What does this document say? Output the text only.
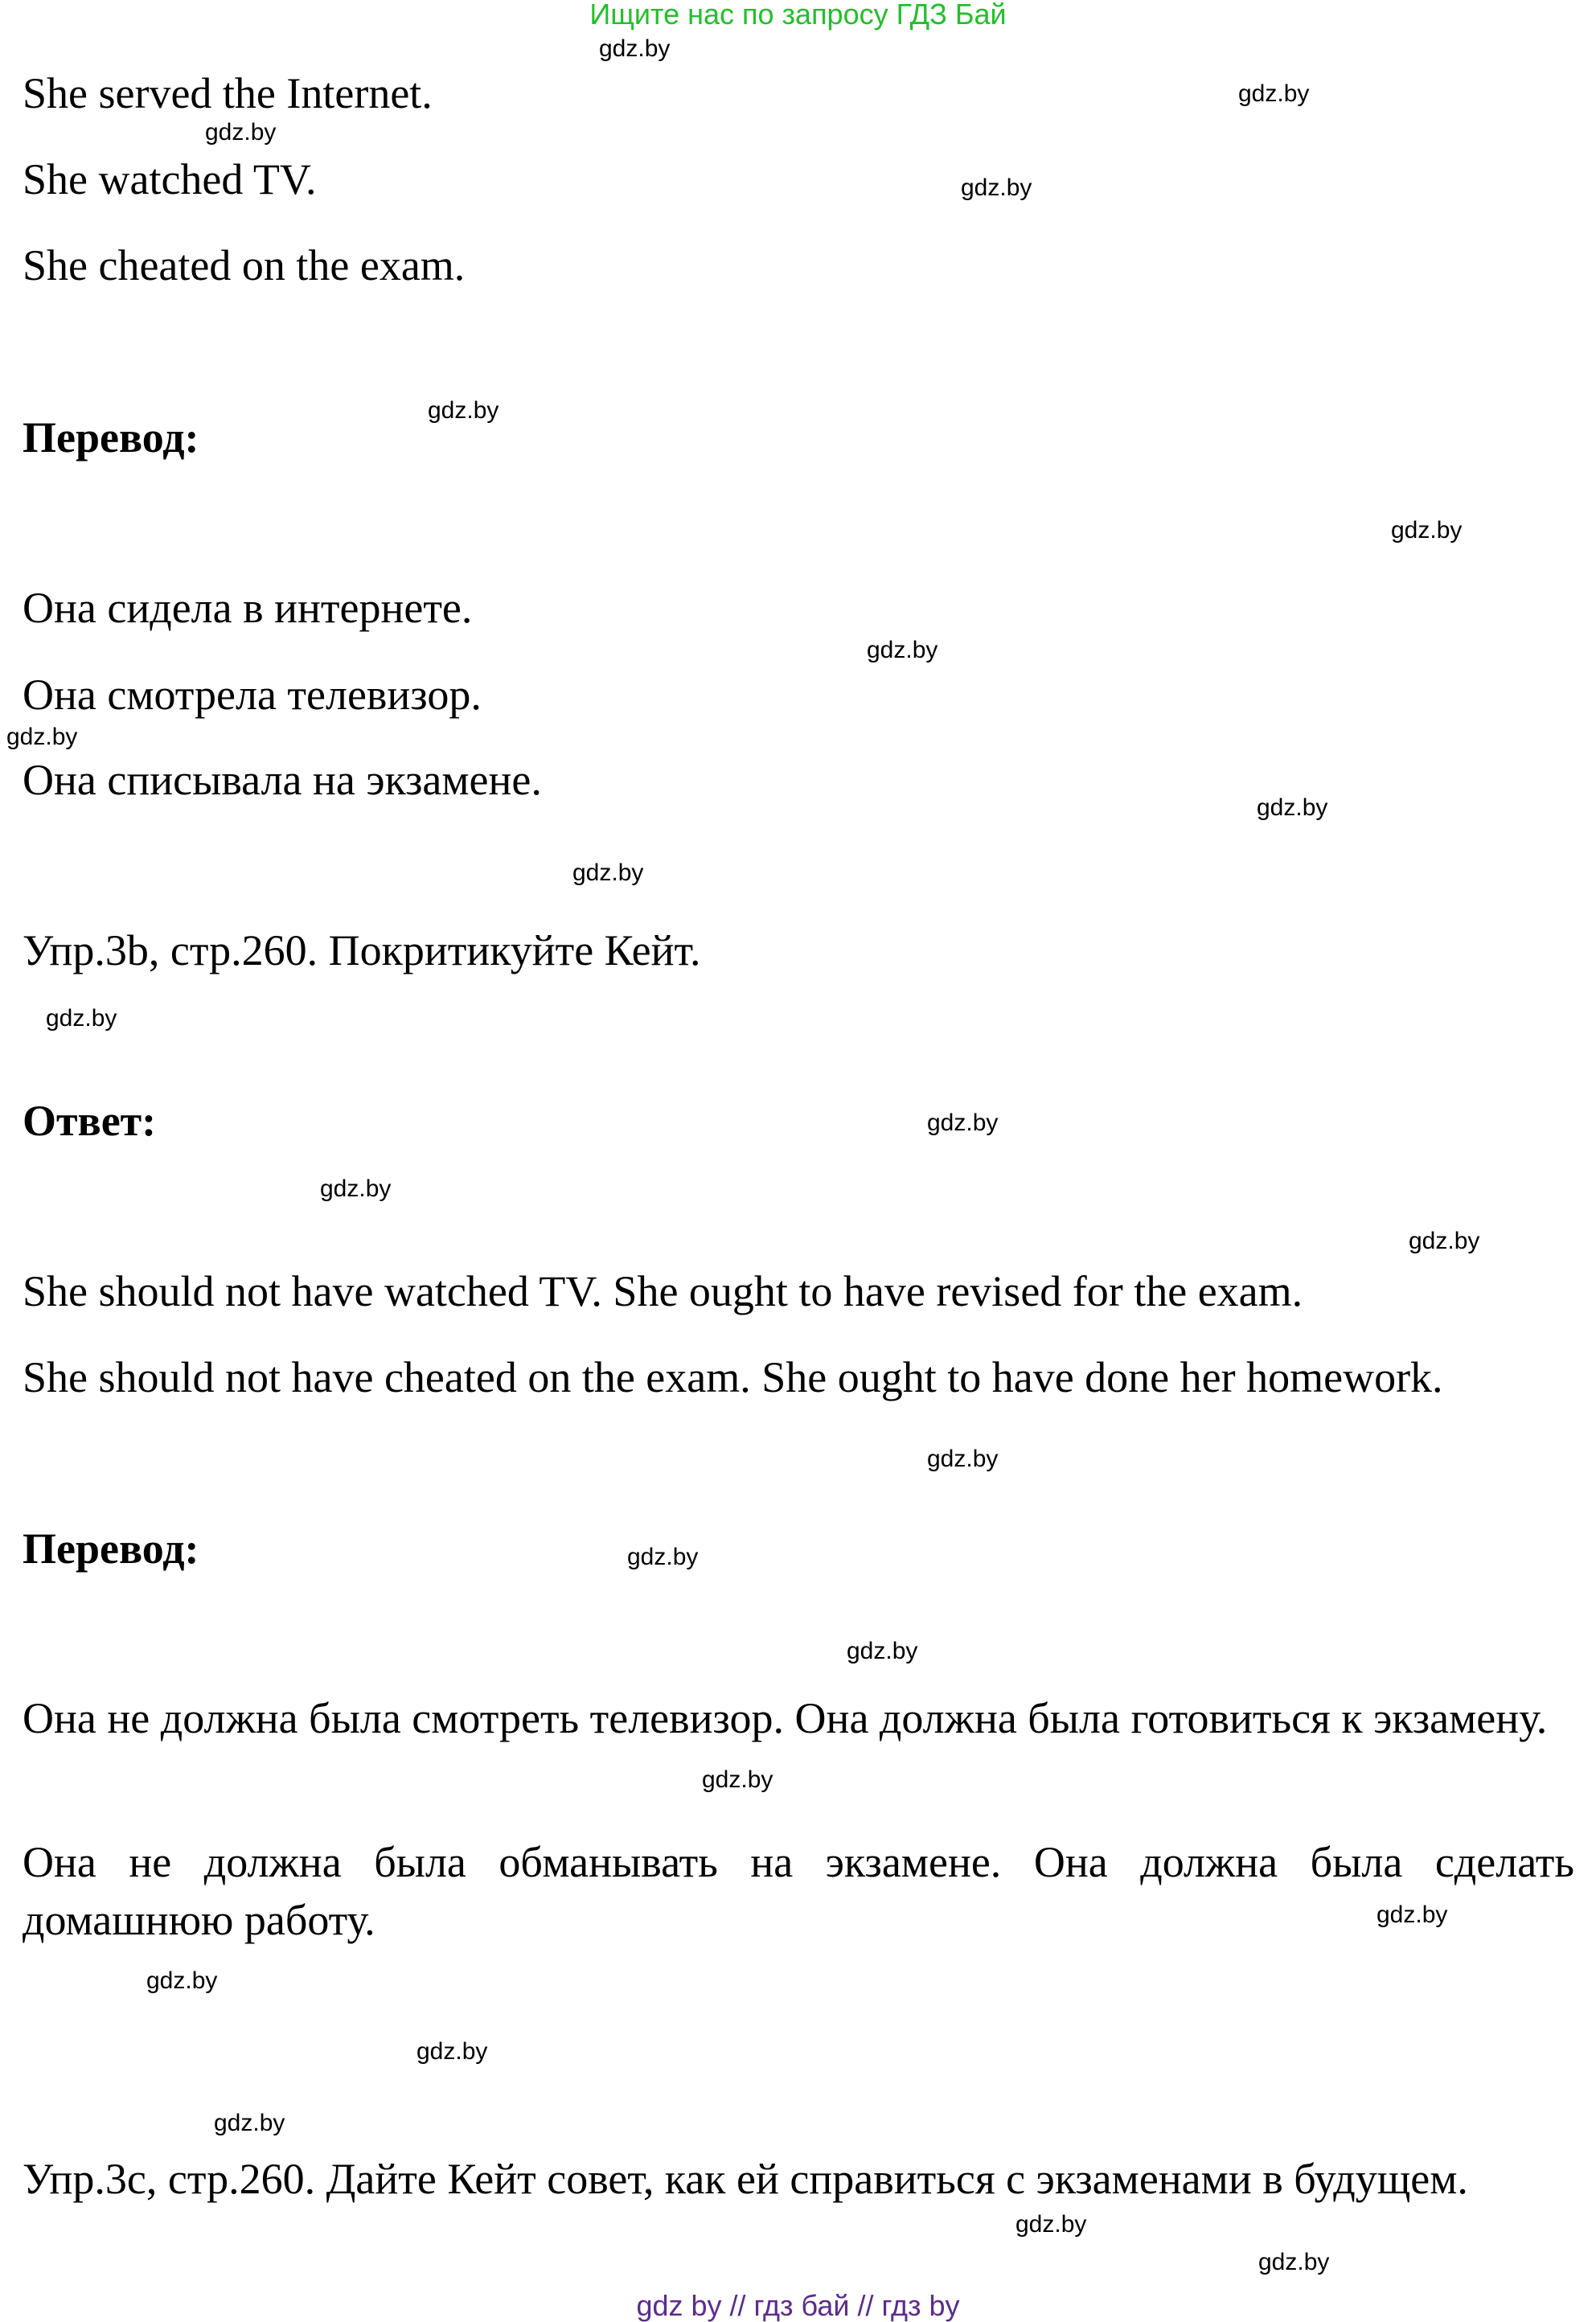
Ищите нас по запросу ГДЗ Бай

She served the Internet.

She watched TV.

She cheated on the exam.

Перевод:

Она сидела в интернете.

Она смотрела телевизор.

Она списывала на экзамене.

Упр.3b, стр.260. Покритикуйте Кейт.

Ответ:

She should not have watched TV. She ought to have revised for the exam.

She should not have cheated on the exam. She ought to have done her homework.

Перевод:

Она не должна была смотреть телевизор. Она должна была готовиться к экзамену.

Она не должна была обманывать на экзамене. Она должна была сделать домашнюю работу.

Упр.3c, стр.260. Дайте Кейт совет, как ей справиться с экзаменами в будущем.

gdz.by
gdz.by
gdz.by
gdz.by
gdz.by
gdz.by
gdz.by
gdz.by
gdz.by
gdz.by
gdz.by
gdz.by
gdz.by
gdz.by
gdz.by
gdz.by
gdz.by
gdz.by
gdz.by
gdz.by
gdz.by
gdz.by
gdz.by
gdz.by
gdz by // гдз бай // гдз by
